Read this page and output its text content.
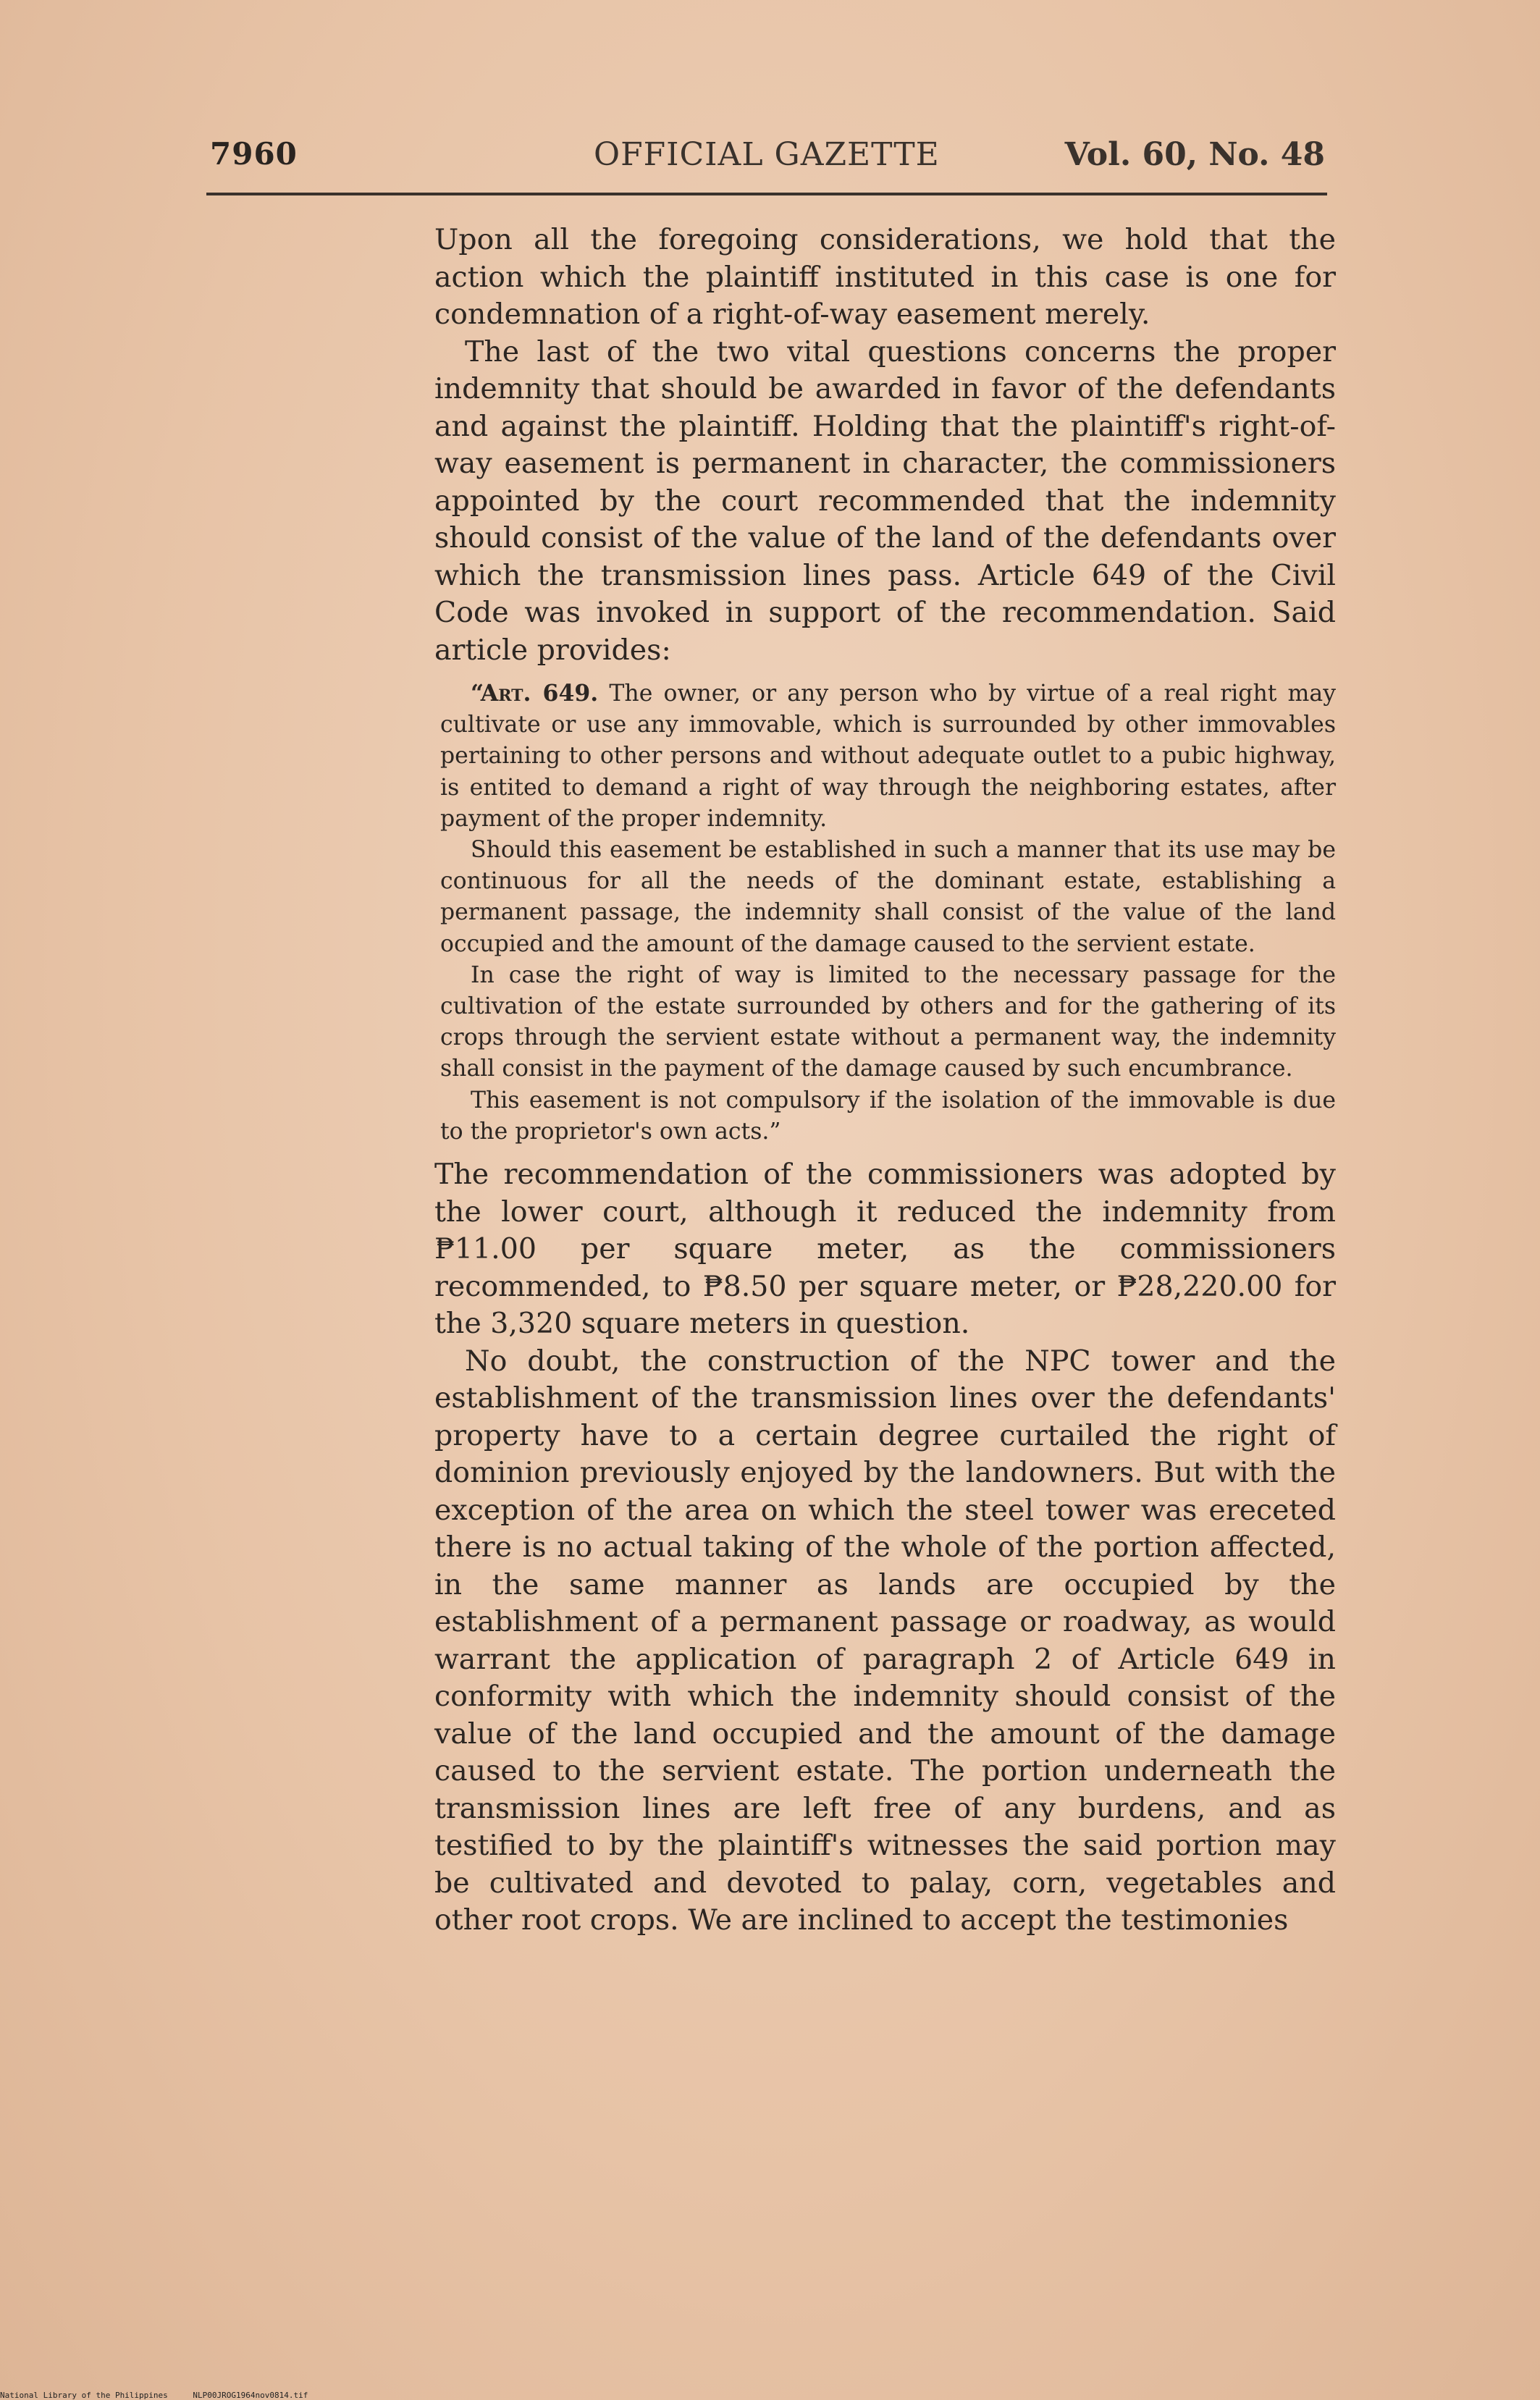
7960	OFFICIAL GAZETTE	Vol. 60, No. 48

Upon all the foregoing considerations, we hold that the action which the plaintiff instituted in this case is one for condemnation of a right-of-way easement merely.

The last of the two vital questions concerns the proper indemnity that should be awarded in favor of the defendants and against the plaintiff. Holding that the plaintiff's right-of-way easement is permanent in character, the commissioners appointed by the court recommended that the indemnity should consist of the value of the land of the defendants over which the transmission lines pass. Article 649 of the Civil Code was invoked in support of the recommendation. Said article provides:

“Art. 649. The owner, or any person who by virtue of a real right may cultivate or use any immovable, which is surrounded by other immovables pertaining to other persons and without adequate outlet to a pubic highway, is entited to demand a right of way through the neighboring estates, after payment of the proper indemnity.

Should this easement be established in such a manner that its use may be continuous for all the needs of the dominant estate, establishing a permanent passage, the indemnity shall consist of the value of the land occupied and the amount of the damage caused to the servient estate.

In case the right of way is limited to the necessary passage for the cultivation of the estate surrounded by others and for the gathering of its crops through the servient estate without a permanent way, the indemnity shall consist in the payment of the damage caused by such encumbrance.

This easement is not compulsory if the isolation of the immovable is due to the proprietor's own acts.”

The recommendation of the commissioners was adopted by the lower court, although it reduced the indemnity from ₱11.00 per square meter, as the commissioners recommended, to ₱8.50 per square meter, or ₱28,220.00 for the 3,320 square meters in question.

No doubt, the construction of the NPC tower and the establishment of the transmission lines over the defendants' property have to a certain degree curtailed the right of dominion previously enjoyed by the landowners. But with the exception of the area on which the steel tower was ereceted there is no actual taking of the whole of the portion affected, in the same manner as lands are occupied by the establishment of a permanent passage or roadway, as would warrant the application of paragraph 2 of Article 649 in conformity with which the indemnity should consist of the value of the land occupied and the amount of the damage caused to the servient estate. The portion underneath the transmission lines are left free of any burdens, and as testified to by the plaintiff's witnesses the said portion may be cultivated and devoted to palay, corn, vegetables and other root crops. We are inclined to accept the testimonies

National Library of the Philippines	NLP00JROG1964nov0814.tif
